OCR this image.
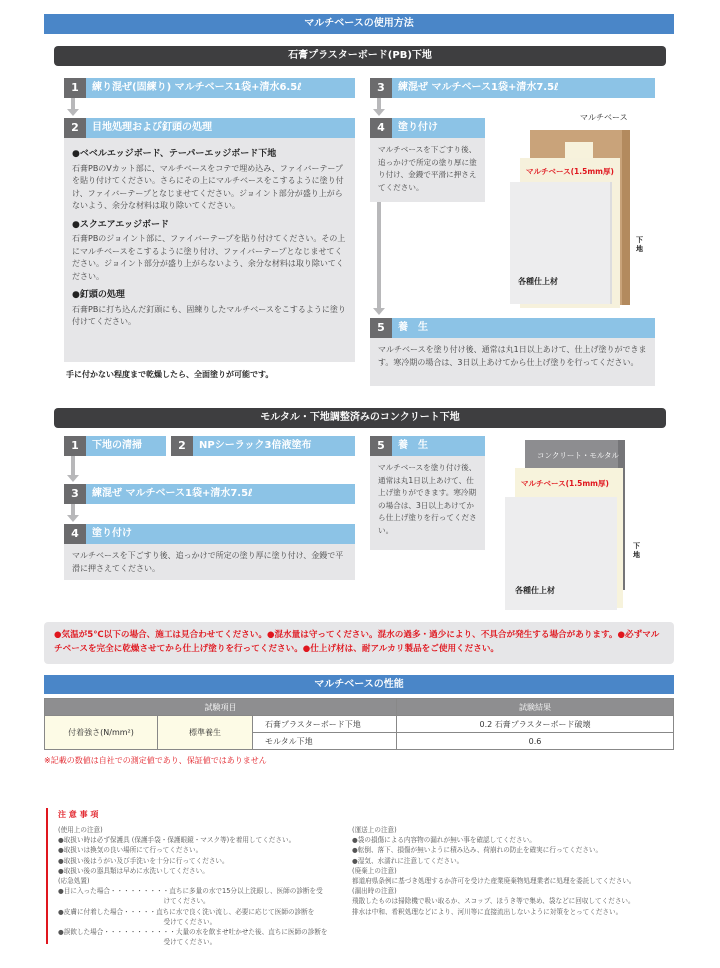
マルチベースの使用方法
石膏プラスターボード(PB)下地
1	練り混ぜ(固練り) マルチベース1袋+清水6.5ℓ
2	目地処理および釘頭の処理
●ベベルエッジボード、テーパーエッジボード下地

石膏PBのVカット部に、マルチベースをコテで埋め込み、ファイバーテープを貼り付けてください。さらにその上にマルチベースをこするように塗り付け、ファイバーテープとなじませてください。ジョイント部分が盛り上がらないよう、余分な材料は取り除いてください。

●スクエアエッジボード

石膏PBのジョイント部に、ファイバーテープを貼り付けてください。その上にマルチベースをこするように塗り付け、ファイバーテープとなじませてください。ジョイント部分が盛り上がらないよう、余分な材料は取り除いてください。

●釘頭の処理

石膏PBに打ち込んだ釘頭にも、固練りしたマルチベースをこするように塗り付けてください。

手に付かない程度まで乾燥したら、全面塗りが可能です。
3	練混ぜ マルチベース1袋+清水7.5ℓ
4	塗り付け
マルチベースを下ごすり後、追っかけで所定の塗り厚に塗り付け、金鏝で平滑に押さえてください。
5	養　生
マルチベースを塗り付け後、通常は丸1日以上あけて、仕上げ塗りができます。寒冷期の場合は、3日以上あけてから仕上げ塗りを行ってください。
マルチベース
マルチベース(1.5mm厚)
下地
各種仕上材
モルタル・下地調整済みのコンクリート下地
1	下地の清掃	2	NPシーラック3倍液塗布
3	練混ぜ マルチベース1袋+清水7.5ℓ
4	塗り付け
マルチベースを下ごすり後、追っかけで所定の塗り厚に塗り付け、金鏝で平滑に押さえてください。
5	養　生
マルチベースを塗り付け後、通常は丸1日以上あけて、仕上げ塗りができます。寒冷期の場合は、3日以上あけてから仕上げ塗りを行ってください。
コンクリート・モルタル
マルチベース(1.5mm厚)
下地
各種仕上材
●気温が5℃以下の場合、施工は見合わせてください。●混水量は守ってください。混水の過多・過少により、不具合が発生する場合があります。●必ずマルチベースを完全に乾燥させてから仕上げ塗りを行ってください。●仕上げ材は、耐アルカリ製品をご使用ください。
マルチベースの性能
試験項目			試験結果
付着強さ(N/mm²)	標準養生	石膏プラスターボード下地	0.2 石膏プラスターボード破壊
		モルタル下地	0.6
※記載の数値は自社での測定値であり、保証値ではありません
注 意 事 項
(使用上の注意)
●取扱い時は必ず保護具 (保護手袋・保護眼鏡・マスク等)を着用してください。
●取扱いは換気の良い場所にて行ってください。
●取扱い後はうがい及び手洗いを十分に行ってください。
●取扱い後の器具類は早めに水洗いしてください。
(応急処置)
●目に入った場合・・・・・・・・・直ちに多量の水で15分以上洗眼し、医師の診断を受
　　　　　　　　　　　　　　　　けてください。
●皮膚に付着した場合・・・・・直ちに水で良く洗い流し、必要に応じて医師の診断を
　　　　　　　　　　　　　　　　受けてください。
●誤飲した場合・・・・・・・・・・・大量の水を飲ませ吐かせた後、直ちに医師の診断を
　　　　　　　　　　　　　　　　受けてください。
(運送上の注意)
●袋の損傷による内容物の漏れが無い事を確認してください。
●転倒、落下、損傷が無いように積み込み、荷崩れの防止を確実に行ってください。
●湿気、水濡れに注意してください。
(廃棄上の注意)
都道府県条例に基づき処理するか許可を受けた産業廃棄物処理業者に処理を委託してください。
(漏出時の注意)
飛散したものは掃除機で吸い取るか、スコップ、ほうき等で集め、袋などに回収してください。
排水は中和、希釈処理などにより、河川等に直接流出しないように対策をとってください。
